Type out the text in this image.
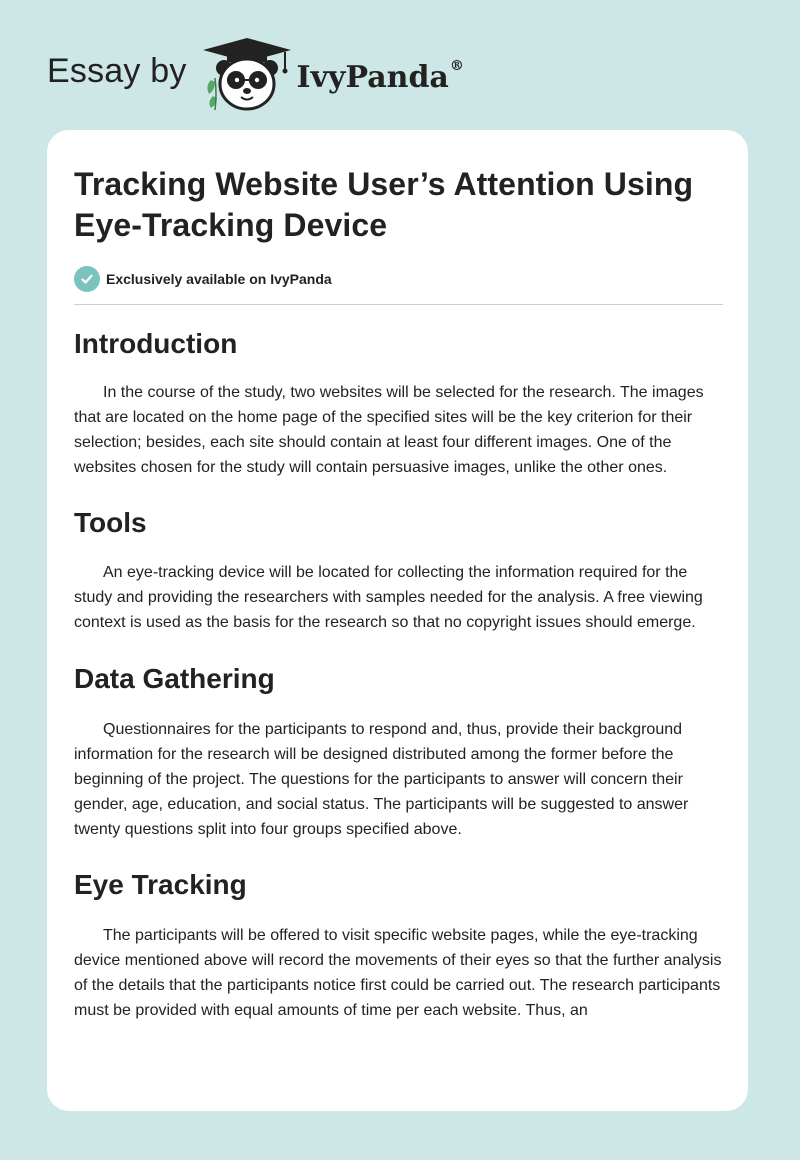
Essay by	IvyPanda®
Tracking Website User’s Attention Using Eye-Tracking Device
Exclusively available on IvyPanda
Introduction

In the course of the study, two websites will be selected for the research. The images that are located on the home page of the specified sites will be the key criterion for their selection; besides, each site should contain at least four different images. One of the websites chosen for the study will contain persuasive images, unlike the other ones.

Tools

An eye-tracking device will be located for collecting the information required for the study and providing the researchers with samples needed for the analysis. A free viewing context is used as the basis for the research so that no copyright issues should emerge.

Data Gathering

Questionnaires for the participants to respond and, thus, provide their background information for the research will be designed distributed among the former before the beginning of the project. The questions for the participants to answer will concern their gender, age, education, and social status. The participants will be suggested to answer twenty questions split into four groups specified above.

Eye Tracking

The participants will be offered to visit specific website pages, while the eye-tracking device mentioned above will record the movements of their eyes so that the further analysis of the details that the participants notice first could be carried out. The research participants must be provided with equal amounts of time per each website. Thus, an
